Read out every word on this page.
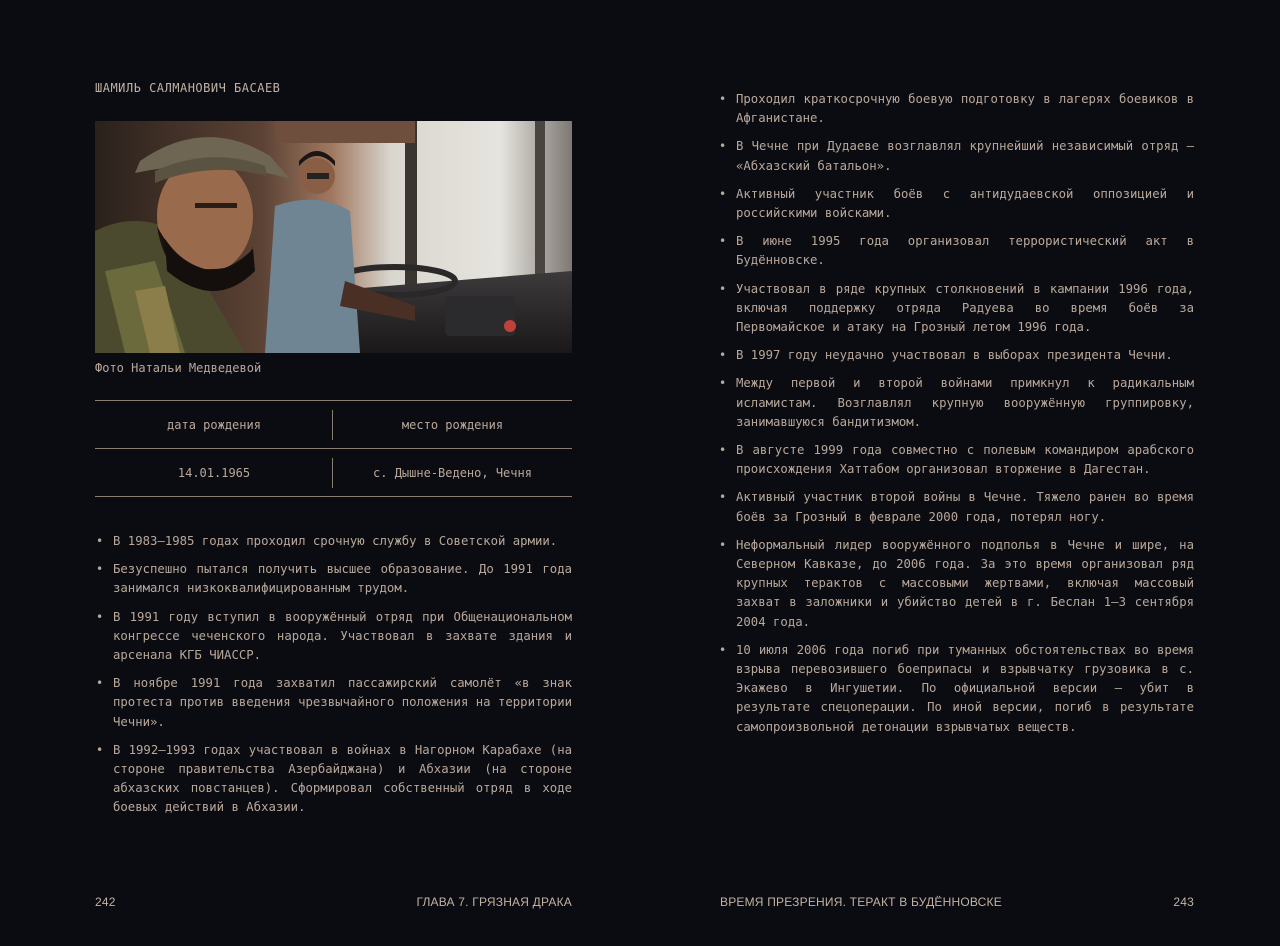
ШАМИЛЬ САЛМАНОВИЧ БАСАЕВ
Фото Натальи Медведевой
дата рождения	место рождения
14.01.1965	с. Дышне-Ведено, Чечня
• В 1983–1985 годах проходил срочную службу в Советской армии.
• Безуспешно пытался получить высшее образование. До 1991 года занимался низкоквалифицированным трудом.
• В 1991 году вступил в вооружённый отряд при Общенациональном конгрессе чеченского народа. Участвовал в захвате здания и арсенала КГБ ЧИАССР.
• В ноябре 1991 года захватил пассажирский самолёт «в знак протеста против введения чрезвычайного положения на территории Чечни».
• В 1992–1993 годах участвовал в войнах в Нагорном Карабахе (на стороне правительства Азербайджана) и Абхазии (на стороне абхазских повстанцев). Сформировал собственный отряд в ходе боевых действий в Абхазии.
242	ГЛАВА 7. ГРЯЗНАЯ ДРАКА
• Проходил краткосрочную боевую подготовку в лагерях боевиков в Афганистане.
• В Чечне при Дудаеве возглавлял крупнейший независимый отряд — «Абхазский батальон».
• Активный участник боёв с антидудаевской оппозицией и российскими войсками.
• В июне 1995 года организовал террористический акт в Будённовске.
• Участвовал в ряде крупных столкновений в кампании 1996 года, включая поддержку отряда Радуева во время боёв за Первомайское и атаку на Грозный летом 1996 года.
• В 1997 году неудачно участвовал в выборах президента Чечни.
• Между первой и второй войнами примкнул к радикальным исламистам. Возглавлял крупную вооружённую группировку, занимавшуюся бандитизмом.
• В августе 1999 года совместно с полевым командиром арабского происхождения Хаттабом организовал вторжение в Дагестан.
• Активный участник второй войны в Чечне. Тяжело ранен во время боёв за Грозный в феврале 2000 года, потерял ногу.
• Неформальный лидер вооружённого подполья в Чечне и шире, на Северном Кавказе, до 2006 года. За это время организовал ряд крупных терактов с массовыми жертвами, включая массовый захват в заложники и убийство детей в г. Беслан 1–3 сентября 2004 года.
• 10 июля 2006 года погиб при туманных обстоятельствах во время взрыва перевозившего боеприпасы и взрывчатку грузовика в с. Экажево в Ингушетии. По официальной версии — убит в результате спецоперации. По иной версии, погиб в результате самопроизвольной детонации взрывчатых веществ.
ВРЕМЯ ПРЕЗРЕНИЯ. ТЕРАКТ В БУДЁННОВСКЕ	243
